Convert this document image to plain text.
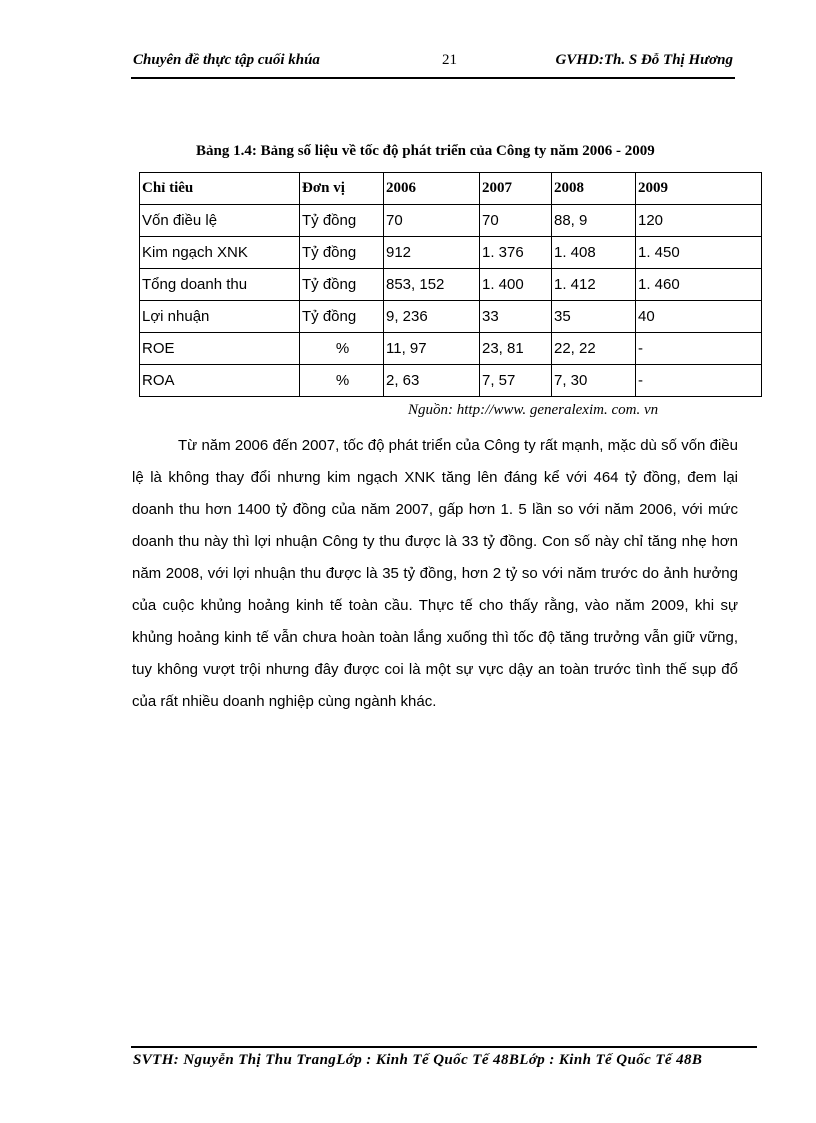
Chuyên đề thực tập cuối khúa	21	GVHD:Th. S Đỗ Thị Hương
Bảng 1.4: Bảng số liệu về tốc độ phát triển của Công ty năm 2006 - 2009
Chỉ tiêu	Đơn vị	2006	2007	2008	2009
Vốn điều lệ	Tỷ đồng	70	70	88, 9	120
Kim ngạch XNK	Tỷ đồng	912	1. 376	1. 408	1. 450
Tổng doanh thu	Tỷ đồng	853, 152	1. 400	1. 412	1. 460
Lợi nhuận	Tỷ đồng	9, 236	33	35	40
ROE	%	11, 97	23, 81	22, 22	-
ROA	%	2, 63	7, 57	7, 30	-
Nguồn: http://www. generalexim. com. vn
Từ năm 2006 đến 2007, tốc độ phát triển của Công ty rất mạnh, mặc dù số vốn điều lệ là không thay đổi nhưng kim ngạch XNK tăng lên đáng kể với 464 tỷ đồng, đem lại doanh thu hơn 1400 tỷ đồng của năm 2007, gấp hơn 1. 5 lần so với năm 2006, với mức doanh thu này thì lợi nhuận Công ty thu được là 33 tỷ đồng. Con số này chỉ tăng nhẹ hơn năm 2008, với lợi nhuận thu được là 35 tỷ đồng, hơn 2 tỷ so với năm trước do ảnh hưởng của cuộc khủng hoảng kinh tế toàn cầu. Thực tế cho thấy rằng, vào năm 2009, khi sự khủng hoảng kinh tế vẫn chưa hoàn toàn lắng xuống thì tốc độ tăng trưởng vẫn giữ vững, tuy không vượt trội nhưng đây được coi là một sự vực dậy an toàn trước tình thế sụp đổ của rất nhiều doanh nghiệp cùng ngành khác.
SVTH: Nguyễn Thị Thu TrangLớp : Kinh Tế Quốc Tế 48BLớp : Kinh Tế Quốc Tế 48B
